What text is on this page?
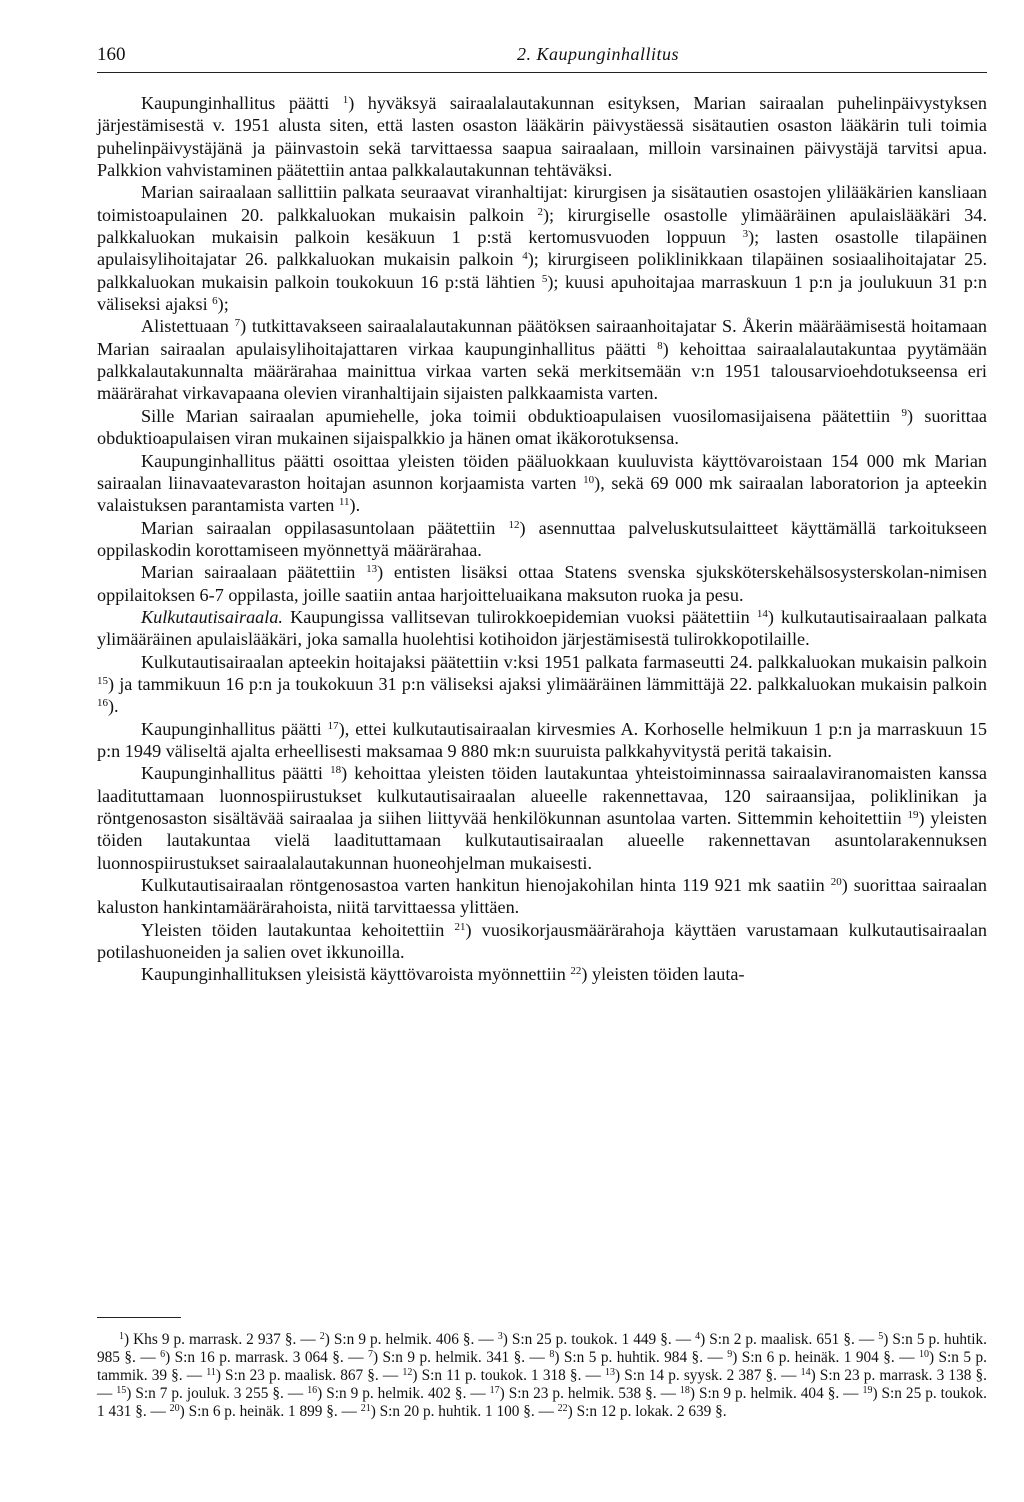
160	2. Kaupunginhallitus

Kaupunginhallitus päätti $^1$) hyväksyä sairaalalautakunnan esityksen, Marian sairaalan puhelinpäivystyksen järjestämisestä v. 1951 alusta siten, että lasten osaston lääkärin päivystäessä sisätautien osaston lääkärin tuli toimia puhelinpäivystäjänä ja päinvastoin sekä tarvittaessa saapua sairaalaan, milloin varsinainen päivystäjä tarvitsi apua. Palkkion vahvistaminen päätettiin antaa palkkalautakunnan tehtäväksi.

Marian sairaalaan sallittiin palkata seuraavat viranhaltijat: kirurgisen ja sisätautien osastojen ylilääkärien kansliaan toimistoapulainen 20. palkkaluokan mukaisin palkoin $^2$); kirurgiselle osastolle ylimääräinen apulaislääkäri 34. palkkaluokan mukaisin palkoin kesäkuun 1 p:stä kertomusvuoden loppuun $^3$); lasten osastolle tilapäinen apulaisylihoitajatar 26. palkkaluokan mukaisin palkoin $^4$); kirurgiseen poliklinikkaan tilapäinen sosiaalihoitajatar 25. palkkaluokan mukaisin palkoin toukokuun 16 p:stä lähtien $^5$); kuusi apuhoitajaa marraskuun 1 p:n ja joulukuun 31 p:n väliseksi ajaksi $^6$);

Alistettuaan $^7$) tutkittavakseen sairaalalautakunnan päätöksen sairaanhoitajatar S. Åkerin määräämisestä hoitamaan Marian sairaalan apulaisylihoitajattaren virkaa kaupunginhallitus päätti $^8$) kehoittaa sairaalalautakuntaa pyytämään palkkalautakunnalta määrärahaa mainittua virkaa varten sekä merkitsemään v:n 1951 talousarvioehdotukseensa eri määrärahat virkavapaana olevien viranhaltijain sijaisten palkkaamista varten.

Sille Marian sairaalan apumiehelle, joka toimii obduktioapulaisen vuosilomasijaisena päätettiin $^9$) suorittaa obduktioapulaisen viran mukainen sijaispalkkio ja hänen omat ikäkorotuksensa.

Kaupunginhallitus päätti osoittaa yleisten töiden pääluokkaan kuuluvista käyttövaroistaan 154 000 mk Marian sairaalan liinavaatevaraston hoitajan asunnon korjaamista varten $^{10}$), sekä 69 000 mk sairaalan laboratorion ja apteekin valaistuksen parantamista varten $^{11}$).

Marian sairaalan oppilasasuntolaan päätettiin $^{12}$) asennuttaa palveluskutsulaitteet käyttämällä tarkoitukseen oppilaskodin korottamiseen myönnettyä määrärahaa.

Marian sairaalaan päätettiin $^{13}$) entisten lisäksi ottaa Statens svenska sjuksköterskehälsosysterskolan-nimisen oppilaitoksen 6-7 oppilasta, joille saatiin antaa harjoitteluaikana maksuton ruoka ja pesu.

Kulkutautisairaala. Kaupungissa vallitsevan tulirokkoepidemian vuoksi päätettiin $^{14}$) kulkutautisairaalaan palkata ylimääräinen apulaislääkäri, joka samalla huolehtisi kotihoidon järjestämisestä tulirokkopotilaille.

Kulkutautisairaalan apteekin hoitajaksi päätettiin v:ksi 1951 palkata farmaseutti 24. palkkaluokan mukaisin palkoin $^{15}$) ja tammikuun 16 p:n ja toukokuun 31 p:n väliseksi ajaksi ylimääräinen lämmittäjä 22. palkkaluokan mukaisin palkoin $^{16}$).

Kaupunginhallitus päätti $^{17}$), ettei kulkutautisairaalan kirvesmies A. Korhoselle helmikuun 1 p:n ja marraskuun 15 p:n 1949 väliseltä ajalta erheellisesti maksamaa 9 880 mk:n suuruista palkkahyvitystä peritä takaisin.

Kaupunginhallitus päätti $^{18}$) kehoittaa yleisten töiden lautakuntaa yhteistoiminnassa sairaalaviranomaisten kanssa laadituttamaan luonnospiirustukset kulkutautisairaalan alueelle rakennettavaa, 120 sairaansijaa, poliklinikan ja röntgenosaston sisältävää sairaalaa ja siihen liittyvää henkilökunnan asuntolaa varten. Sittemmin kehoitettiin $^{19}$) yleisten töiden lautakuntaa vielä laadituttamaan kulkutautisairaalan alueelle rakennettavan asuntolarakennuksen luonnospiirustukset sairaalalautakunnan huoneohjelman mukaisesti.

Kulkutautisairaalan röntgenosastoa varten hankitun hienojakohilan hinta 119 921 mk saatiin $^{20}$) suorittaa sairaalan kaluston hankintamäärärahoista, niitä tarvittaessa ylittäen.

Yleisten töiden lautakuntaa kehoitettiin $^{21}$) vuosikorjausmäärärahoja käyttäen varustamaan kulkutautisairaalan potilashuoneiden ja salien ovet ikkunoilla.

Kaupunginhallituksen yleisistä käyttövaroista myönnettiin $^{22}$) yleisten töiden lauta-

$^1$) Khs 9 p. marrask. 2 937 §. — $^2$) S:n 9 p. helmik. 406 §. — $^3$) S:n 25 p. toukok. 1 449 §. — $^4$) S:n 2 p. maalisk. 651 §. — $^5$) S:n 5 p. huhtik. 985 §. — $^6$) S:n 16 p. marrask. 3 064 §. — $^7$) S:n 9 p. helmik. 341 §. — $^8$) S:n 5 p. huhtik. 984 §. — $^9$) S:n 6 p. heinäk. 1 904 §. — $^{10}$) S:n 5 p. tammik. 39 §. — $^{11}$) S:n 23 p. maalisk. 867 §. — $^{12}$) S:n 11 p. toukok. 1 318 §. — $^{13}$) S:n 14 p. syysk. 2 387 §. — $^{14}$) S:n 23 p. marrask. 3 138 §. — $^{15}$) S:n 7 p. jouluk. 3 255 §. — $^{16}$) S:n 9 p. helmik. 402 §. — $^{17}$) S:n 23 p. helmik. 538 §. — $^{18}$) S:n 9 p. helmik. 404 §. — $^{19}$) S:n 25 p. toukok. 1 431 §. — $^{20}$) S:n 6 p. heinäk. 1 899 §. — $^{21}$) S:n 20 p. huhtik. 1 100 §. — $^{22}$) S:n 12 p. lokak. 2 639 §.
